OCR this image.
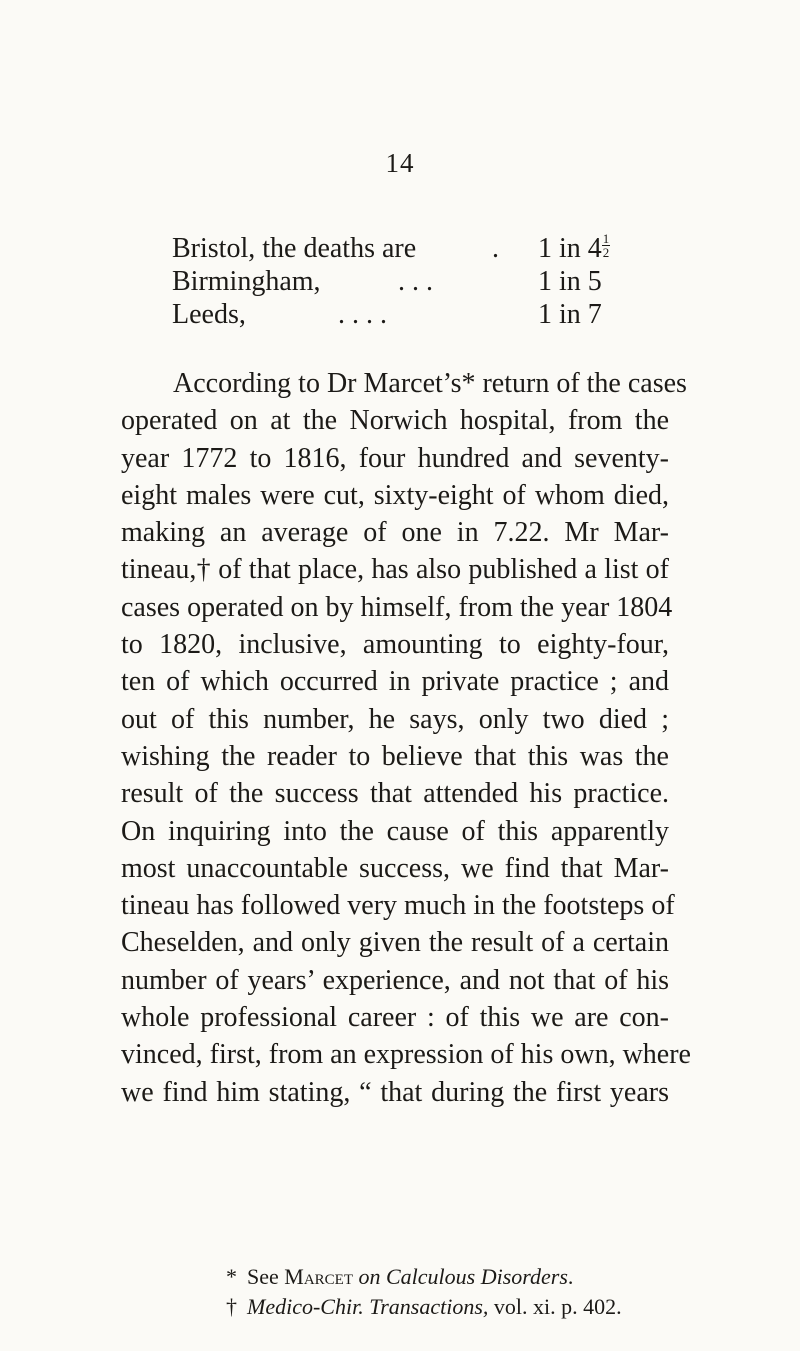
14
Bristol, the deaths are	. 1 in $4 \frac{1}{2}$
Birmingham,	. . .	1 in 5
Leeds,	. . . .	1 in 7
According to Dr Marcet’s* return of the cases
operated on at the Norwich hospital, from the
year 1772 to 1816, four hundred and seventy-
eight males were cut, sixty-eight of whom died,
making an average of one in 7.22. Mr Mar-
tineau,† of that place, has also published a list of
cases operated on by himself, from the year 1804
to 1820, inclusive, amounting to eighty-four,
ten of which occurred in private practice ; and
out of this number, he says, only two died ;
wishing the reader to believe that this was the
result of the success that attended his practice.
On inquiring into the cause of this apparently
most unaccountable success, we find that Mar-
tineau has followed very much in the footsteps of
Cheselden, and only given the result of a certain
number of years’ experience, and not that of his
whole professional career : of this we are con-
vinced, first, from an expression of his own, where
we find him stating, “ that during the first years
* See Marcet on Calculous Disorders.
† Medico-Chir. Transactions, vol. xi. p. 402.
